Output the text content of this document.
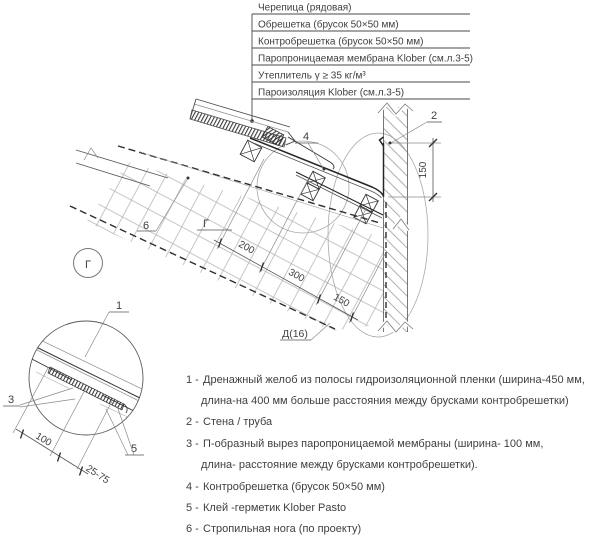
Черепица (рядовая)
Обрешетка (брусок 50×50 мм)
Контробрешетка (брусок 50×50 мм)
Паропроницаемая мембрана Klober (см.л.3-5)
Утеплитель γ ≥ 35 кг/м³
Пароизоляция Klober (см.л.3-5)
200
300
150
150
2
4
6	Г
Д(16)
Г
100
25-75
1
3
5
1 - Дренажный желоб из полосы гидроизоляционной пленки (ширина-450 мм,
длина-на 400 мм больше расстояния между брусками контробрешетки)
2 - Стена / труба
3 - П-образный вырез паропроницаемой мембраны (ширина- 100 мм,
длина- расстояние между брусками контробрешетки).
4 - Контробрешетка (брусок 50×50 мм)
5 - Клей -герметик Klober Pasto
6 - Стропильная нога (по проекту)
